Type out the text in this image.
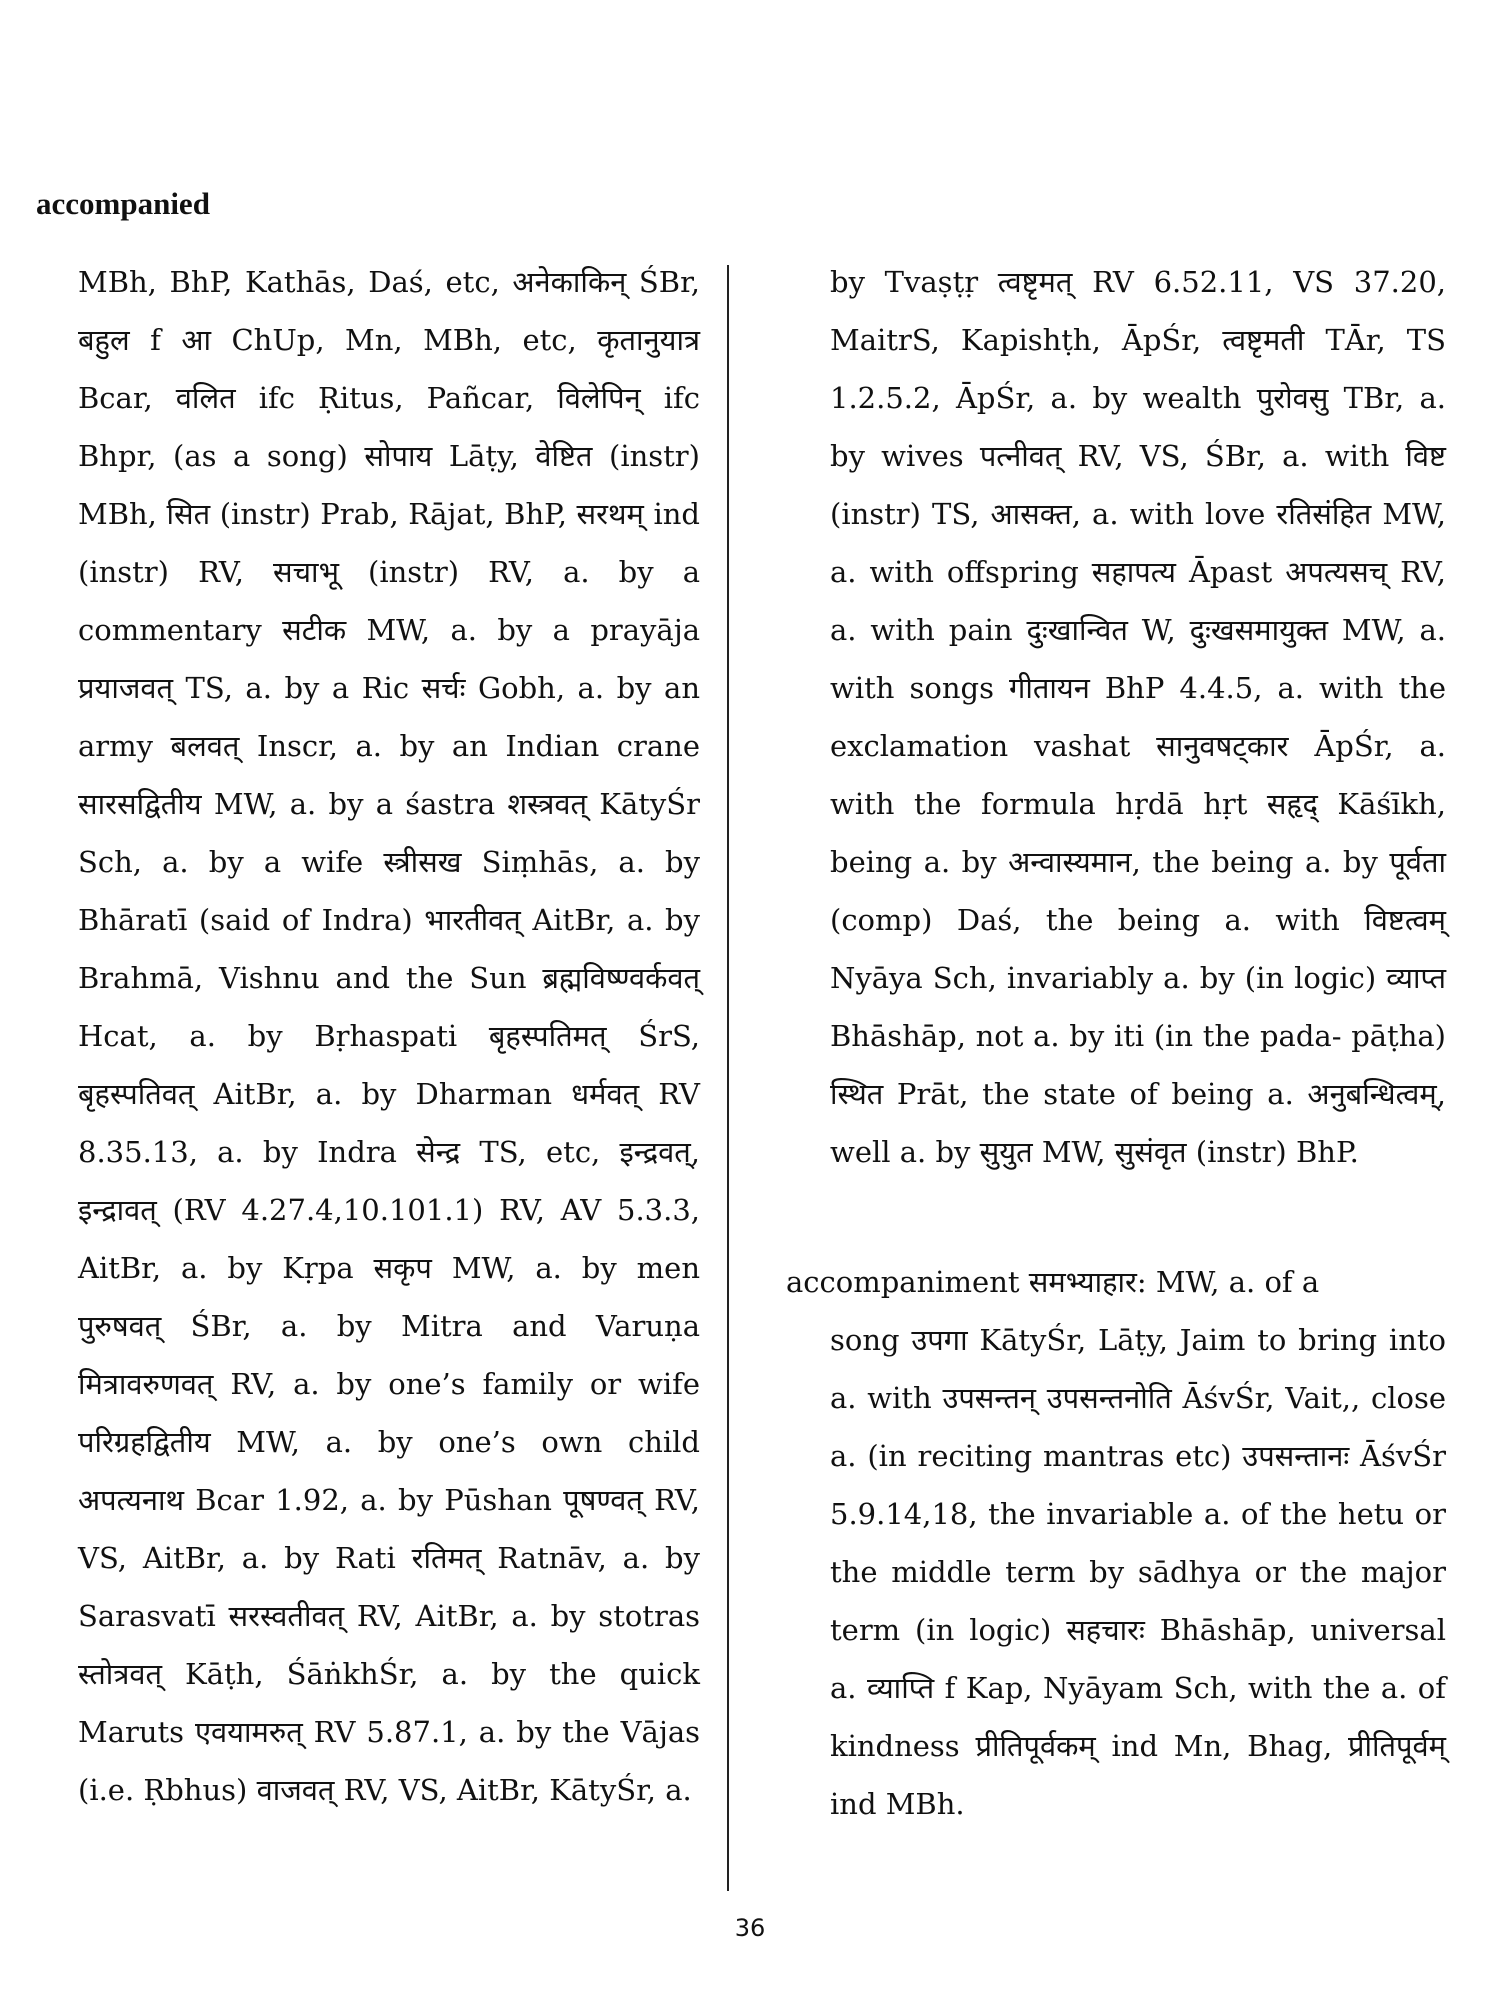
accompanied
MBh, BhP, Kathās, Daś, etc, अनेकाकिन् ŚBr, बहुल f आ ChUp, Mn, MBh, etc, कृतानुयात्र Bcar, वलित ifc Ṛitus, Pañcar, विलेपिन् ifc Bhpr, (as a song) सोपाय Lāṭy, वेष्टित (instr) MBh, सित (instr) Prab, Rājat, BhP, सरथम् ind (instr) RV, सचाभू (instr) RV, a. by a commentary सटीक MW, a. by a prayāja प्रयाजवत् TS, a. by a Ric सर्चः Gobh, a. by an army बलवत् Inscr, a. by an Indian crane सारसद्वितीय MW, a. by a śastra शस्त्रवत् KātyŚr Sch, a. by a wife स्त्रीसख Siṃhās, a. by Bhāratī (said of Indra) भारतीवत् AitBr, a. by Brahmā, Vishnu and the Sun ब्रह्मविष्ण्वर्कवत् Hcat, a. by Bṛhaspati बृहस्पतिमत् ŚrS, बृहस्पतिवत् AitBr, a. by Dharman धर्मवत् RV 8.35.13, a. by Indra सेन्द्र TS, etc, इन्द्रवत्, इन्द्रावत् (RV 4.27.4,10.101.1) RV, AV 5.3.3, AitBr, a. by Kṛpa सकृप MW, a. by men पुरुषवत् ŚBr, a. by Mitra and Varuṇa मित्रावरुणवत् RV, a. by one’s family or wife परिग्रहद्वितीय MW, a. by one’s own child अपत्यनाथ Bcar 1.92, a. by Pūshan पूषण्वत् RV, VS, AitBr, a. by Rati रतिमत् Ratnāv, a. by Sarasvatī सरस्वतीवत् RV, AitBr, a. by stotras स्तोत्रवत् Kāṭh, ŚāṅkhŚr, a. by the quick Maruts एवयामरुत् RV 5.87.1, a. by the Vājas (i.e. Ṛbhus) वाजवत् RV, VS, AitBr, KātyŚr, a.
by Tvaṣṭṛ त्वष्टृमत् RV 6.52.11, VS 37.20, MaitrS, Kapishṭh, ĀpŚr, त्वष्टृमती TĀr, TS 1.2.5.2, ĀpŚr, a. by wealth पुरोवसु TBr, a. by wives पत्नीवत् RV, VS, ŚBr, a. with विष्ट (instr) TS, आसक्त, a. with love रतिसंहित MW, a. with offspring सहापत्य Āpast अपत्यसच् RV, a. with pain दुःखान्वित W, दुःखसमायुक्त MW, a. with songs गीतायन BhP 4.4.5, a. with the exclamation vashat सानुवषट्कार ĀpŚr, a. with the formula hṛdā hṛt सहृद् Kāśīkh, being a. by अन्वास्यमान, the being a. by पूर्वता (comp) Daś, the being a. with विष्टत्वम् Nyāya Sch, invariably a. by (in logic) व्याप्त Bhāshāp, not a. by iti (in the pada- pāṭha) स्थित Prāt, the state of being a. अनुबन्धित्वम्, well a. by सुयुत MW, सुसंवृत (instr) BhP.
accompaniment समभ्याहार: MW, a. of a
song उपगा KātyŚr, Lāṭy, Jaim to bring into a. with उपसन्तन् उपसन्तनोति ĀśvŚr, Vait,, close a. (in reciting mantras etc) उपसन्तानः ĀśvŚr 5.9.14,18, the invariable a. of the hetu or the middle term by sādhya or the major term (in logic) सहचारः Bhāshāp, universal a. व्याप्ति f Kap, Nyāyam Sch, with the a. of kindness प्रीतिपूर्वकम् ind Mn, Bhag, प्रीतिपूर्वम् ind MBh.
36
